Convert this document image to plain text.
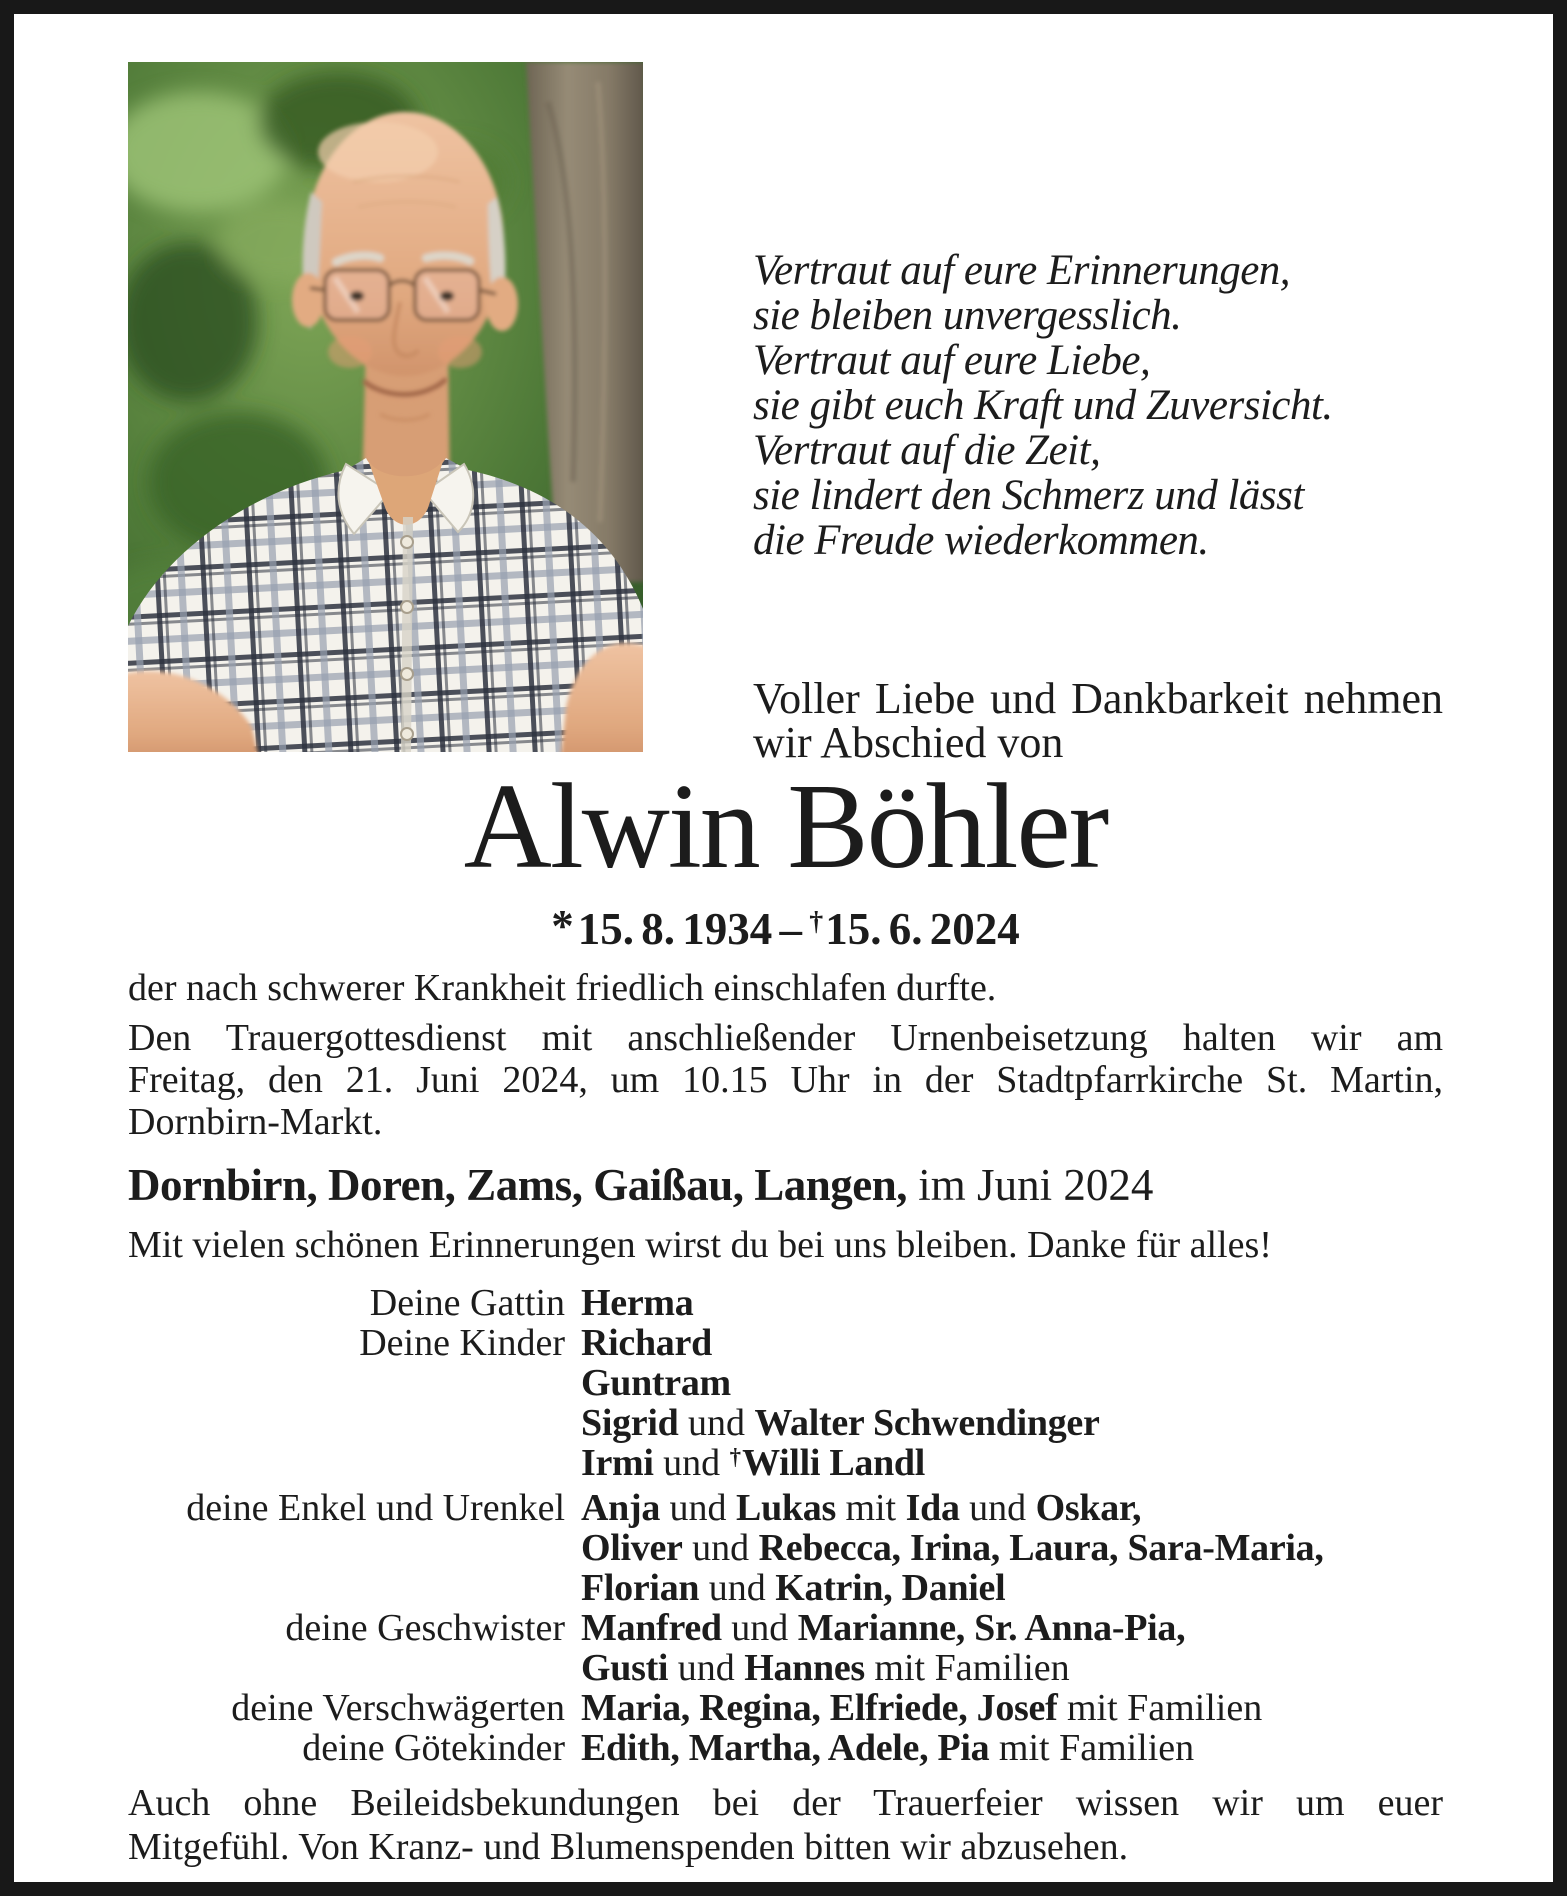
Vertraut auf eure Erinnerungen,
sie bleiben unvergesslich.
Vertraut auf eure Liebe,
sie gibt euch Kraft und Zuversicht.
Vertraut auf die Zeit,
sie lindert den Schmerz und lässt
die Freude wiederkommen.
Voller Liebe und Dankbarkeit nehmen
wir Abschied von
Alwin Böhler
*15. 8. 1934 – †15. 6. 2024
der nach schwerer Krankheit friedlich einschlafen durfte.
Den Trauergottesdienst mit anschließender Urnenbeisetzung halten wir am
Freitag, den 21. Juni 2024, um 10.15 Uhr in der Stadtpfarrkirche St. Martin,
Dornbirn-Markt.
Dornbirn, Doren, Zams, Gaißau, Langen, im Juni 2024
Mit vielen schönen Erinnerungen wirst du bei uns bleiben. Danke für alles!
Deine Gattin Herma
Deine Kinder Richard
Guntram
Sigrid und Walter Schwendinger
Irmi und †Willi Landl
deine Enkel und Urenkel Anja und Lukas mit Ida und Oskar,
Oliver und Rebecca, Irina, Laura, Sara-Maria,
Florian und Katrin, Daniel
deine Geschwister Manfred und Marianne, Sr. Anna-Pia,
Gusti und Hannes mit Familien
deine Verschwägerten Maria, Regina, Elfriede, Josef mit Familien
deine Götekinder Edith, Martha, Adele, Pia mit Familien
Auch ohne Beileidsbekundungen bei der Trauerfeier wissen wir um euer
Mitgefühl. Von Kranz- und Blumenspenden bitten wir abzusehen.
